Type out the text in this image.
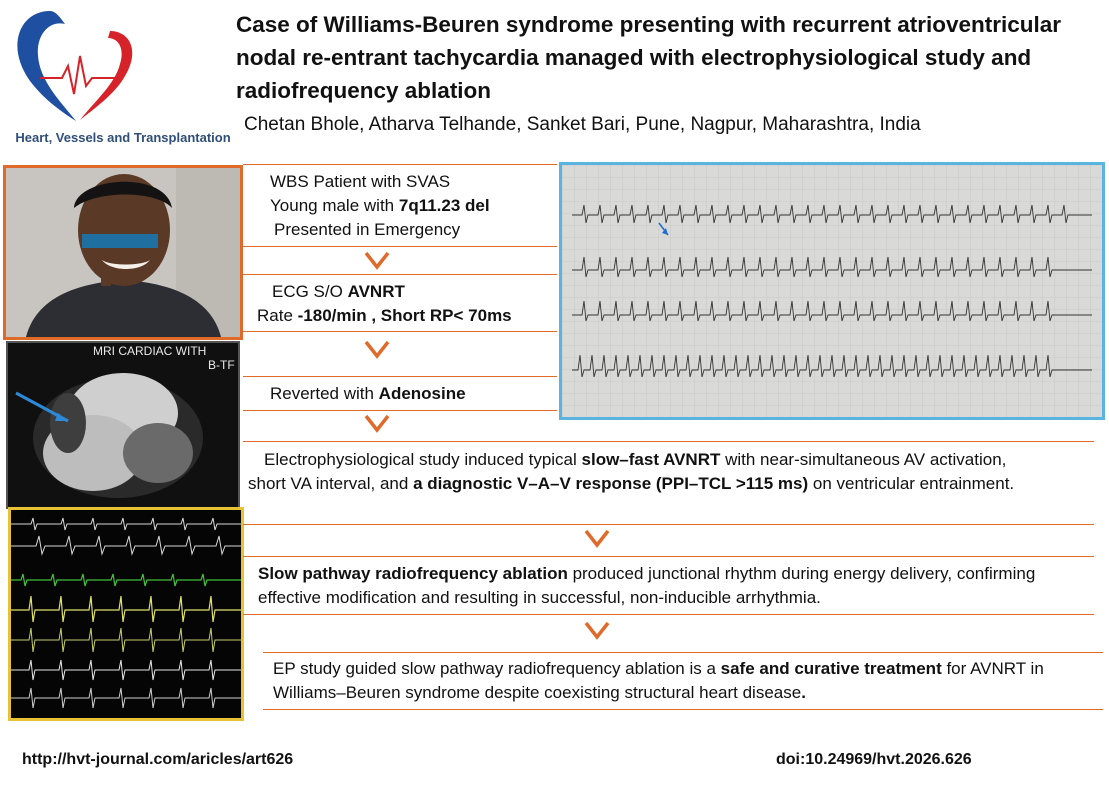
Heart, Vessels and Transplantation
Case of Williams-Beuren syndrome presenting with recurrent atrioventricular nodal re-entrant tachycardia managed with electrophysiological study and radiofrequency ablation
Chetan Bhole, Atharva Telhande, Sanket Bari, Pune, Nagpur, Maharashtra, India
MRI CARDIAC WITH
B-TF
WBS Patient with SVAS
Young male with 7q11.23 del
Presented in Emergency
ECG S/O AVNRT
Rate -180/min , Short RP< 70ms
Reverted with Adenosine
Electrophysiological study induced typical slow–fast AVNRT with near-simultaneous AV activation, short VA interval, and a diagnostic V–A–V response (PPI–TCL >115 ms) on ventricular entrainment.
Slow pathway radiofrequency ablation produced junctional rhythm during energy delivery, confirming effective modification and resulting in successful, non-inducible arrhythmia.
EP study guided slow pathway radiofrequency ablation is a safe and curative treatment for AVNRT in Williams–Beuren syndrome despite coexisting structural heart disease.
http://hvt-journal.com/aricles/art626	doi:10.24969/hvt.2026.626
